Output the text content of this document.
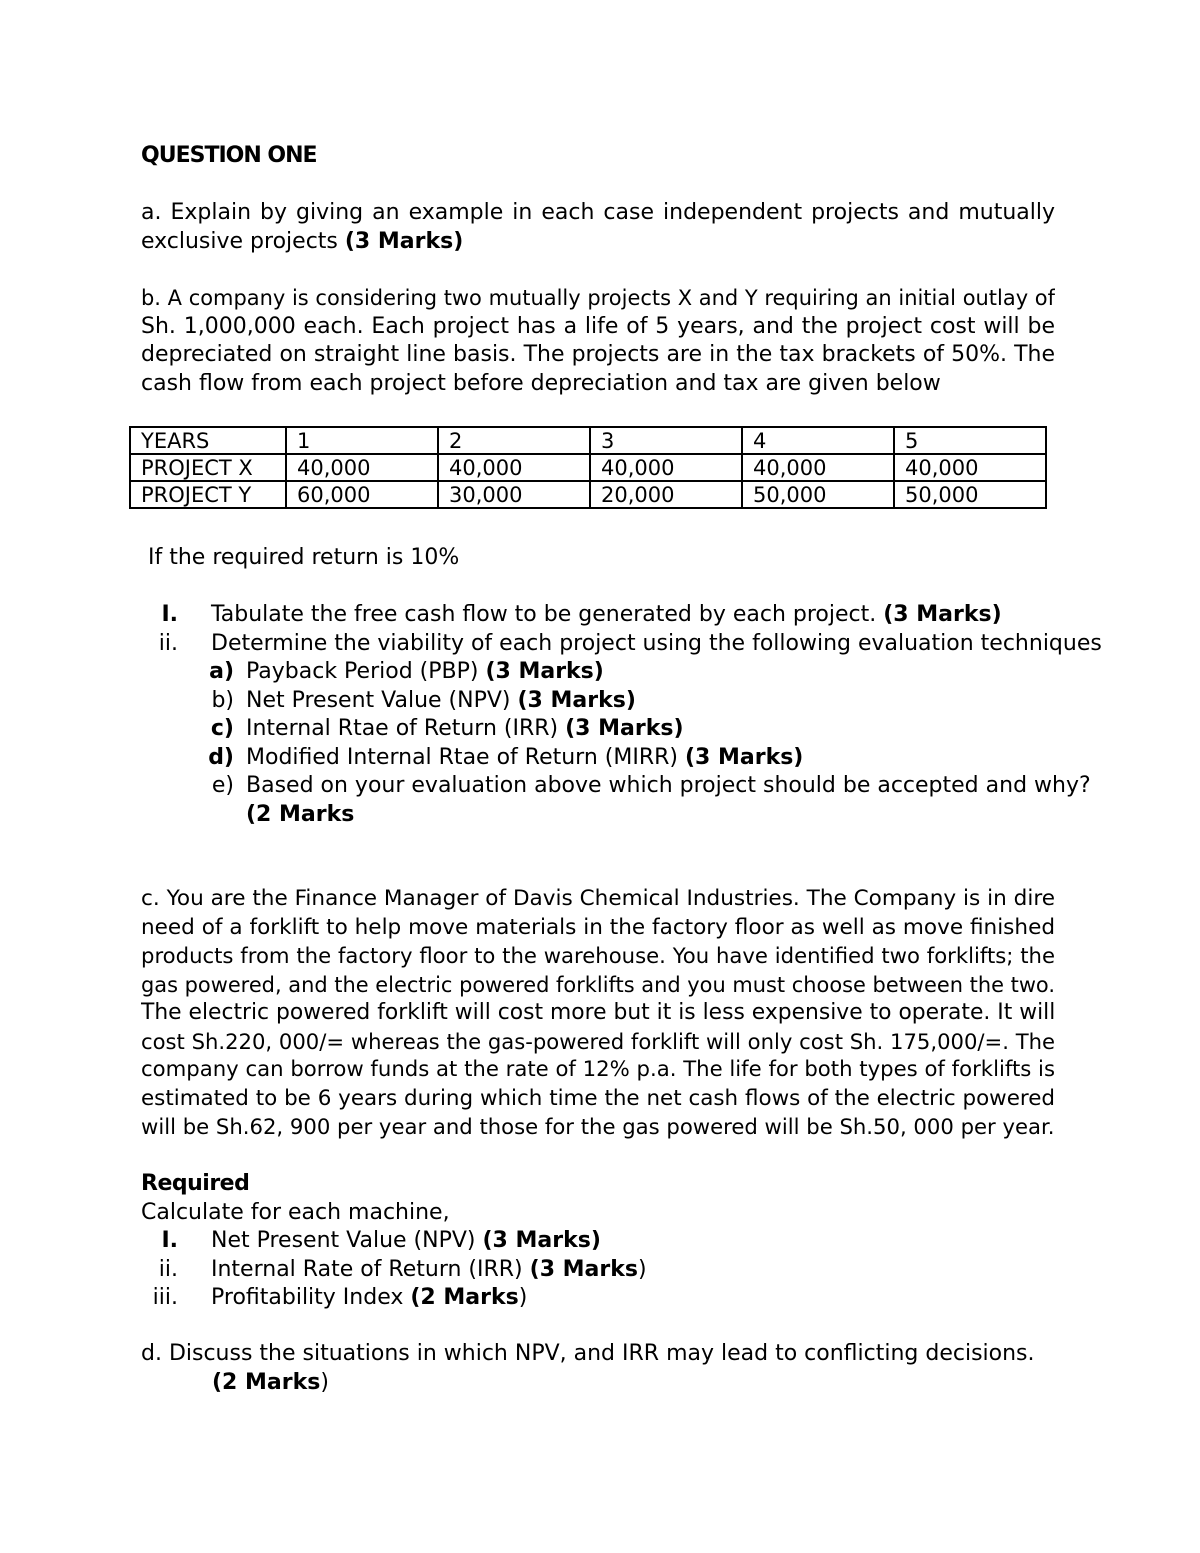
QUESTION ONE
a. Explain by giving an example in each case independent projects and mutually
exclusive projects (3 Marks)
b. A company is considering two mutually projects X and Y requiring an initial outlay of
Sh. 1,000,000 each. Each project has a life of 5 years, and the project cost will be
depreciated on straight line basis. The projects are in the tax brackets of 50%. The
cash flow from each project before depreciation and tax are given below
YEARS	1	2	3	4	5
PROJECT X	40,000	40,000	40,000	40,000	40,000
PROJECT Y	60,000	30,000	20,000	50,000	50,000
If the required return is 10%
I. Tabulate the free cash flow to be generated by each project. (3 Marks)
ii. Determine the viability of each project using the following evaluation techniques
a) Payback Period (PBP) (3 Marks)
b) Net Present Value (NPV) (3 Marks)
c) Internal Rtae of Return (IRR) (3 Marks)
d) Modified Internal Rtae of Return (MIRR) (3 Marks)
e) Based on your evaluation above which project should be accepted and why?
(2 Marks
c. You are the Finance Manager of Davis Chemical Industries. The Company is in dire
need of a forklift to help move materials in the factory floor as well as move finished
products from the factory floor to the warehouse. You have identified two forklifts; the
gas powered, and the electric powered forklifts and you must choose between the two.
The electric powered forklift will cost more but it is less expensive to operate. It will
cost Sh.220, 000/= whereas the gas-powered forklift will only cost Sh. 175,000/=. The
company can borrow funds at the rate of 12% p.a. The life for both types of forklifts is
estimated to be 6 years during which time the net cash flows of the electric powered
will be Sh.62, 900 per year and those for the gas powered will be Sh.50, 000 per year.
Required
Calculate for each machine,
I. Net Present Value (NPV) (3 Marks)
ii. Internal Rate of Return (IRR) (3 Marks)
iii. Profitability Index (2 Marks)
d. Discuss the situations in which NPV, and IRR may lead to conflicting decisions.
(2 Marks)
